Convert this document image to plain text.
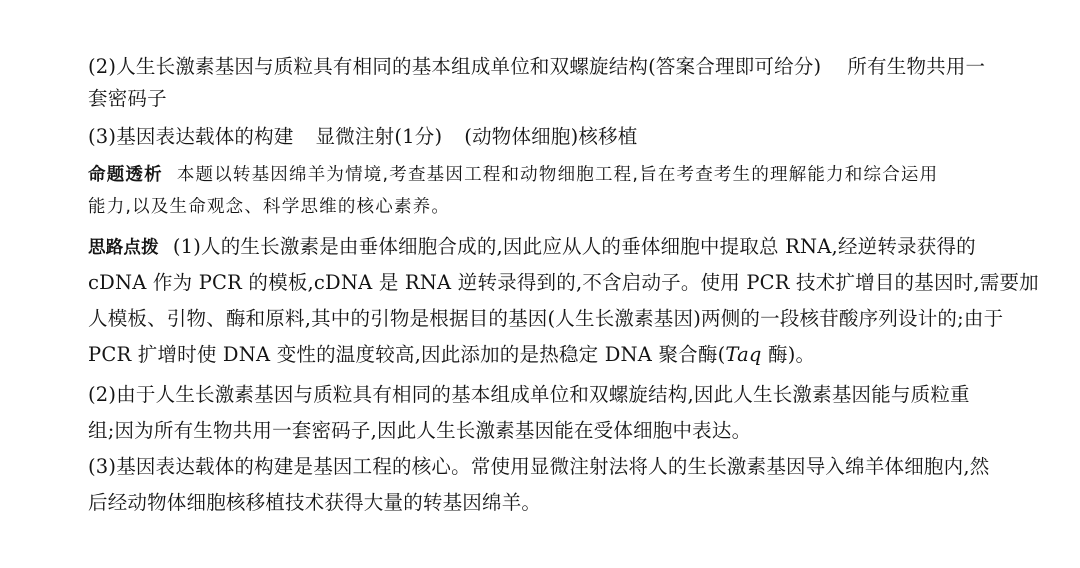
(2)人生长激素基因与质粒具有相同的基本组成单位和双螺旋结构(答案合理即可给分) 所有生物共用一
套密码子
(3)基因表达载体的构建 显微注射(1分) (动物体细胞)核移植
命题透析 本题以转基因绵羊为情境,考查基因工程和动物细胞工程,旨在考查考生的理解能力和综合运用
能力,以及生命观念、科学思维的核心素养。
思路点拨 (1)人的生长激素是由垂体细胞合成的,因此应从人的垂体细胞中提取总 RNA,经逆转录获得的
cDNA 作为 PCR 的模板,cDNA 是 RNA 逆转录得到的,不含启动子。使用 PCR 技术扩增目的基因时,需要加
人模板、引物、酶和原料,其中的引物是根据目的基因(人生长激素基因)两侧的一段核苷酸序列设计的;由于
PCR 扩增时使 DNA 变性的温度较高,因此添加的是热稳定 DNA 聚合酶(Taq 酶)。
(2)由于人生长激素基因与质粒具有相同的基本组成单位和双螺旋结构,因此人生长激素基因能与质粒重
组;因为所有生物共用一套密码子,因此人生长激素基因能在受体细胞中表达。
(3)基因表达载体的构建是基因工程的核心。常使用显微注射法将人的生长激素基因导入绵羊体细胞内,然
后经动物体细胞核移植技术获得大量的转基因绵羊。
